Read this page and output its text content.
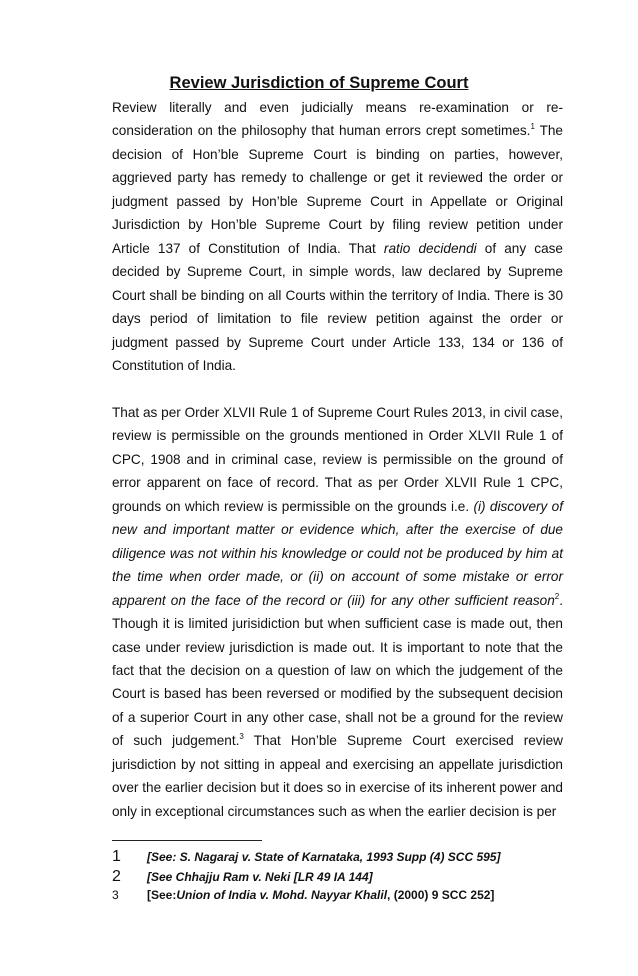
Review Jurisdiction of Supreme Court

Review literally and even judicially means re-examination or re-consideration on the philosophy that human errors crept sometimes.$^1$ The decision of Hon’ble Supreme Court is binding on parties, however, aggrieved party has remedy to challenge or get it reviewed the order or judgment passed by Hon’ble Supreme Court in Appellate or Original Jurisdiction by Hon’ble Supreme Court by filing review petition under Article 137 of Constitution of India. That ratio decidendi of any case decided by Supreme Court, in simple words, law declared by Supreme Court shall be binding on all Courts within the territory of India. There is 30 days period of limitation to file review petition against the order or judgment passed by Supreme Court under Article 133, 134 or 136 of Constitution of India.

That as per Order XLVII Rule 1 of Supreme Court Rules 2013, in civil case, review is permissible on the grounds mentioned in Order XLVII Rule 1 of CPC, 1908 and in criminal case, review is permissible on the ground of error apparent on face of record. That as per Order XLVII Rule 1 CPC, grounds on which review is permissible on the grounds i.e. (i) discovery of new and important matter or evidence which, after the exercise of due diligence was not within his knowledge or could not be produced by him at the time when order made, or (ii) on account of some mistake or error apparent on the face of the record or (iii) for any other sufficient reason$^2$. Though it is limited jurisidiction but when sufficient case is made out, then case under review jurisdiction is made out. It is important to note that the fact that the decision on a question of law on which the judgement of the Court is based has been reversed or modified by the subsequent decision of a superior Court in any other case, shall not be a ground for the review of such judgement.$^3$ That Hon’ble Supreme Court exercised review jurisdiction by not sitting in appeal and exercising an appellate jurisdiction over the earlier decision but it does so in exercise of its inherent power and only in exceptional circumstances such as when the earlier decision is per

1 [See: S. Nagaraj v. State of Karnataka, 1993 Supp (4) SCC 595]
2 [See Chhajju Ram v. Neki [LR 49 IA 144]
3 [See:Union of India v. Mohd. Nayyar Khalil, (2000) 9 SCC 252]
